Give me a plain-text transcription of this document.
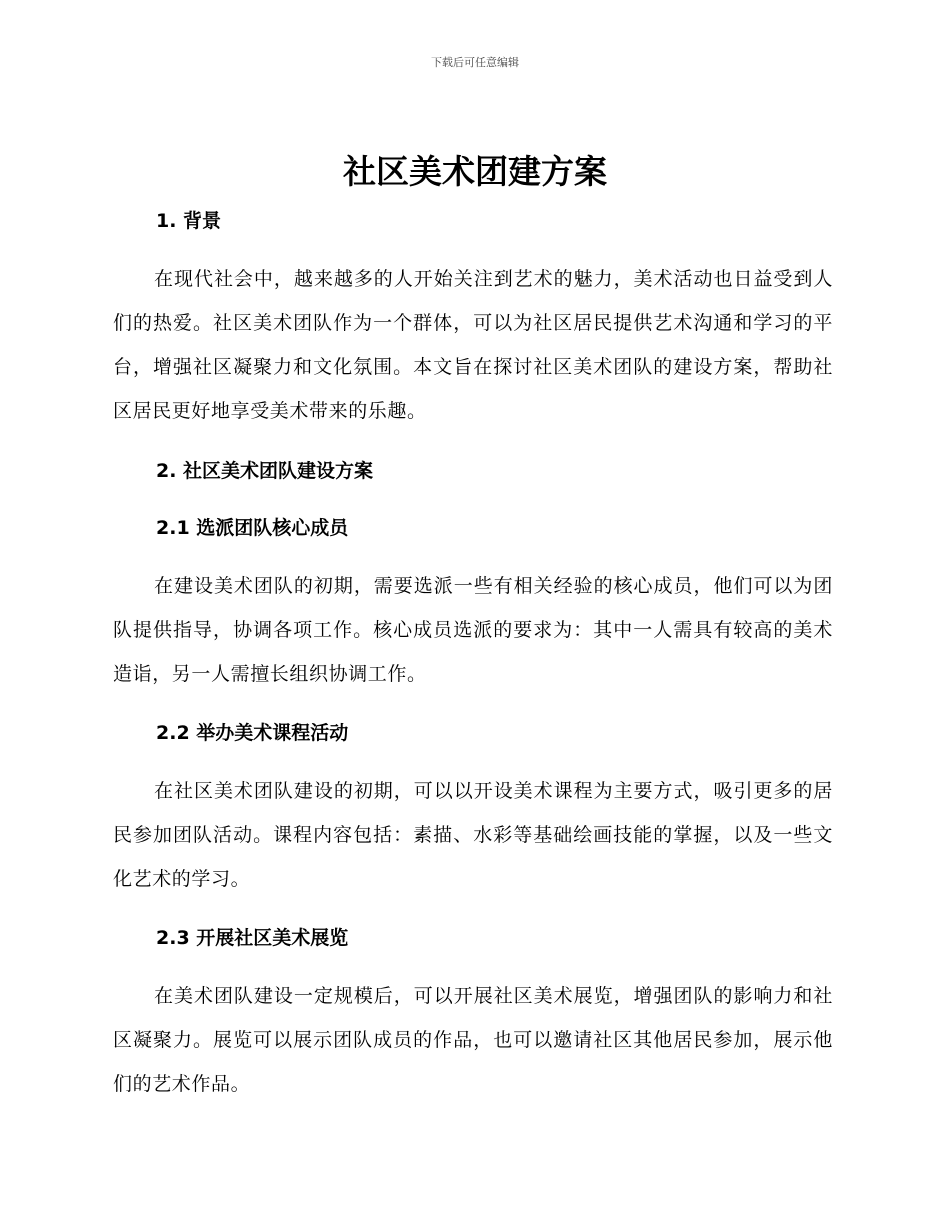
下载后可任意编辑
社区美术团建方案
1. 背景

在现代社会中，越来越多的人开始关注到艺术的魅力，美术活动也日益受到人们的热爱。社区美术团队作为一个群体，可以为社区居民提供艺术沟通和学习的平台，增强社区凝聚力和文化氛围。本文旨在探讨社区美术团队的建设方案，帮助社区居民更好地享受美术带来的乐趣。

2. 社区美术团队建设方案
2.1 选派团队核心成员

在建设美术团队的初期，需要选派一些有相关经验的核心成员，他们可以为团队提供指导，协调各项工作。核心成员选派的要求为：其中一人需具有较高的美术造诣，另一人需擅长组织协调工作。

2.2 举办美术课程活动

在社区美术团队建设的初期，可以以开设美术课程为主要方式，吸引更多的居民参加团队活动。课程内容包括：素描、水彩等基础绘画技能的掌握，以及一些文化艺术的学习。

2.3 开展社区美术展览

在美术团队建设一定规模后，可以开展社区美术展览，增强团队的影响力和社区凝聚力。展览可以展示团队成员的作品，也可以邀请社区其他居民参加，展示他们的艺术作品。
